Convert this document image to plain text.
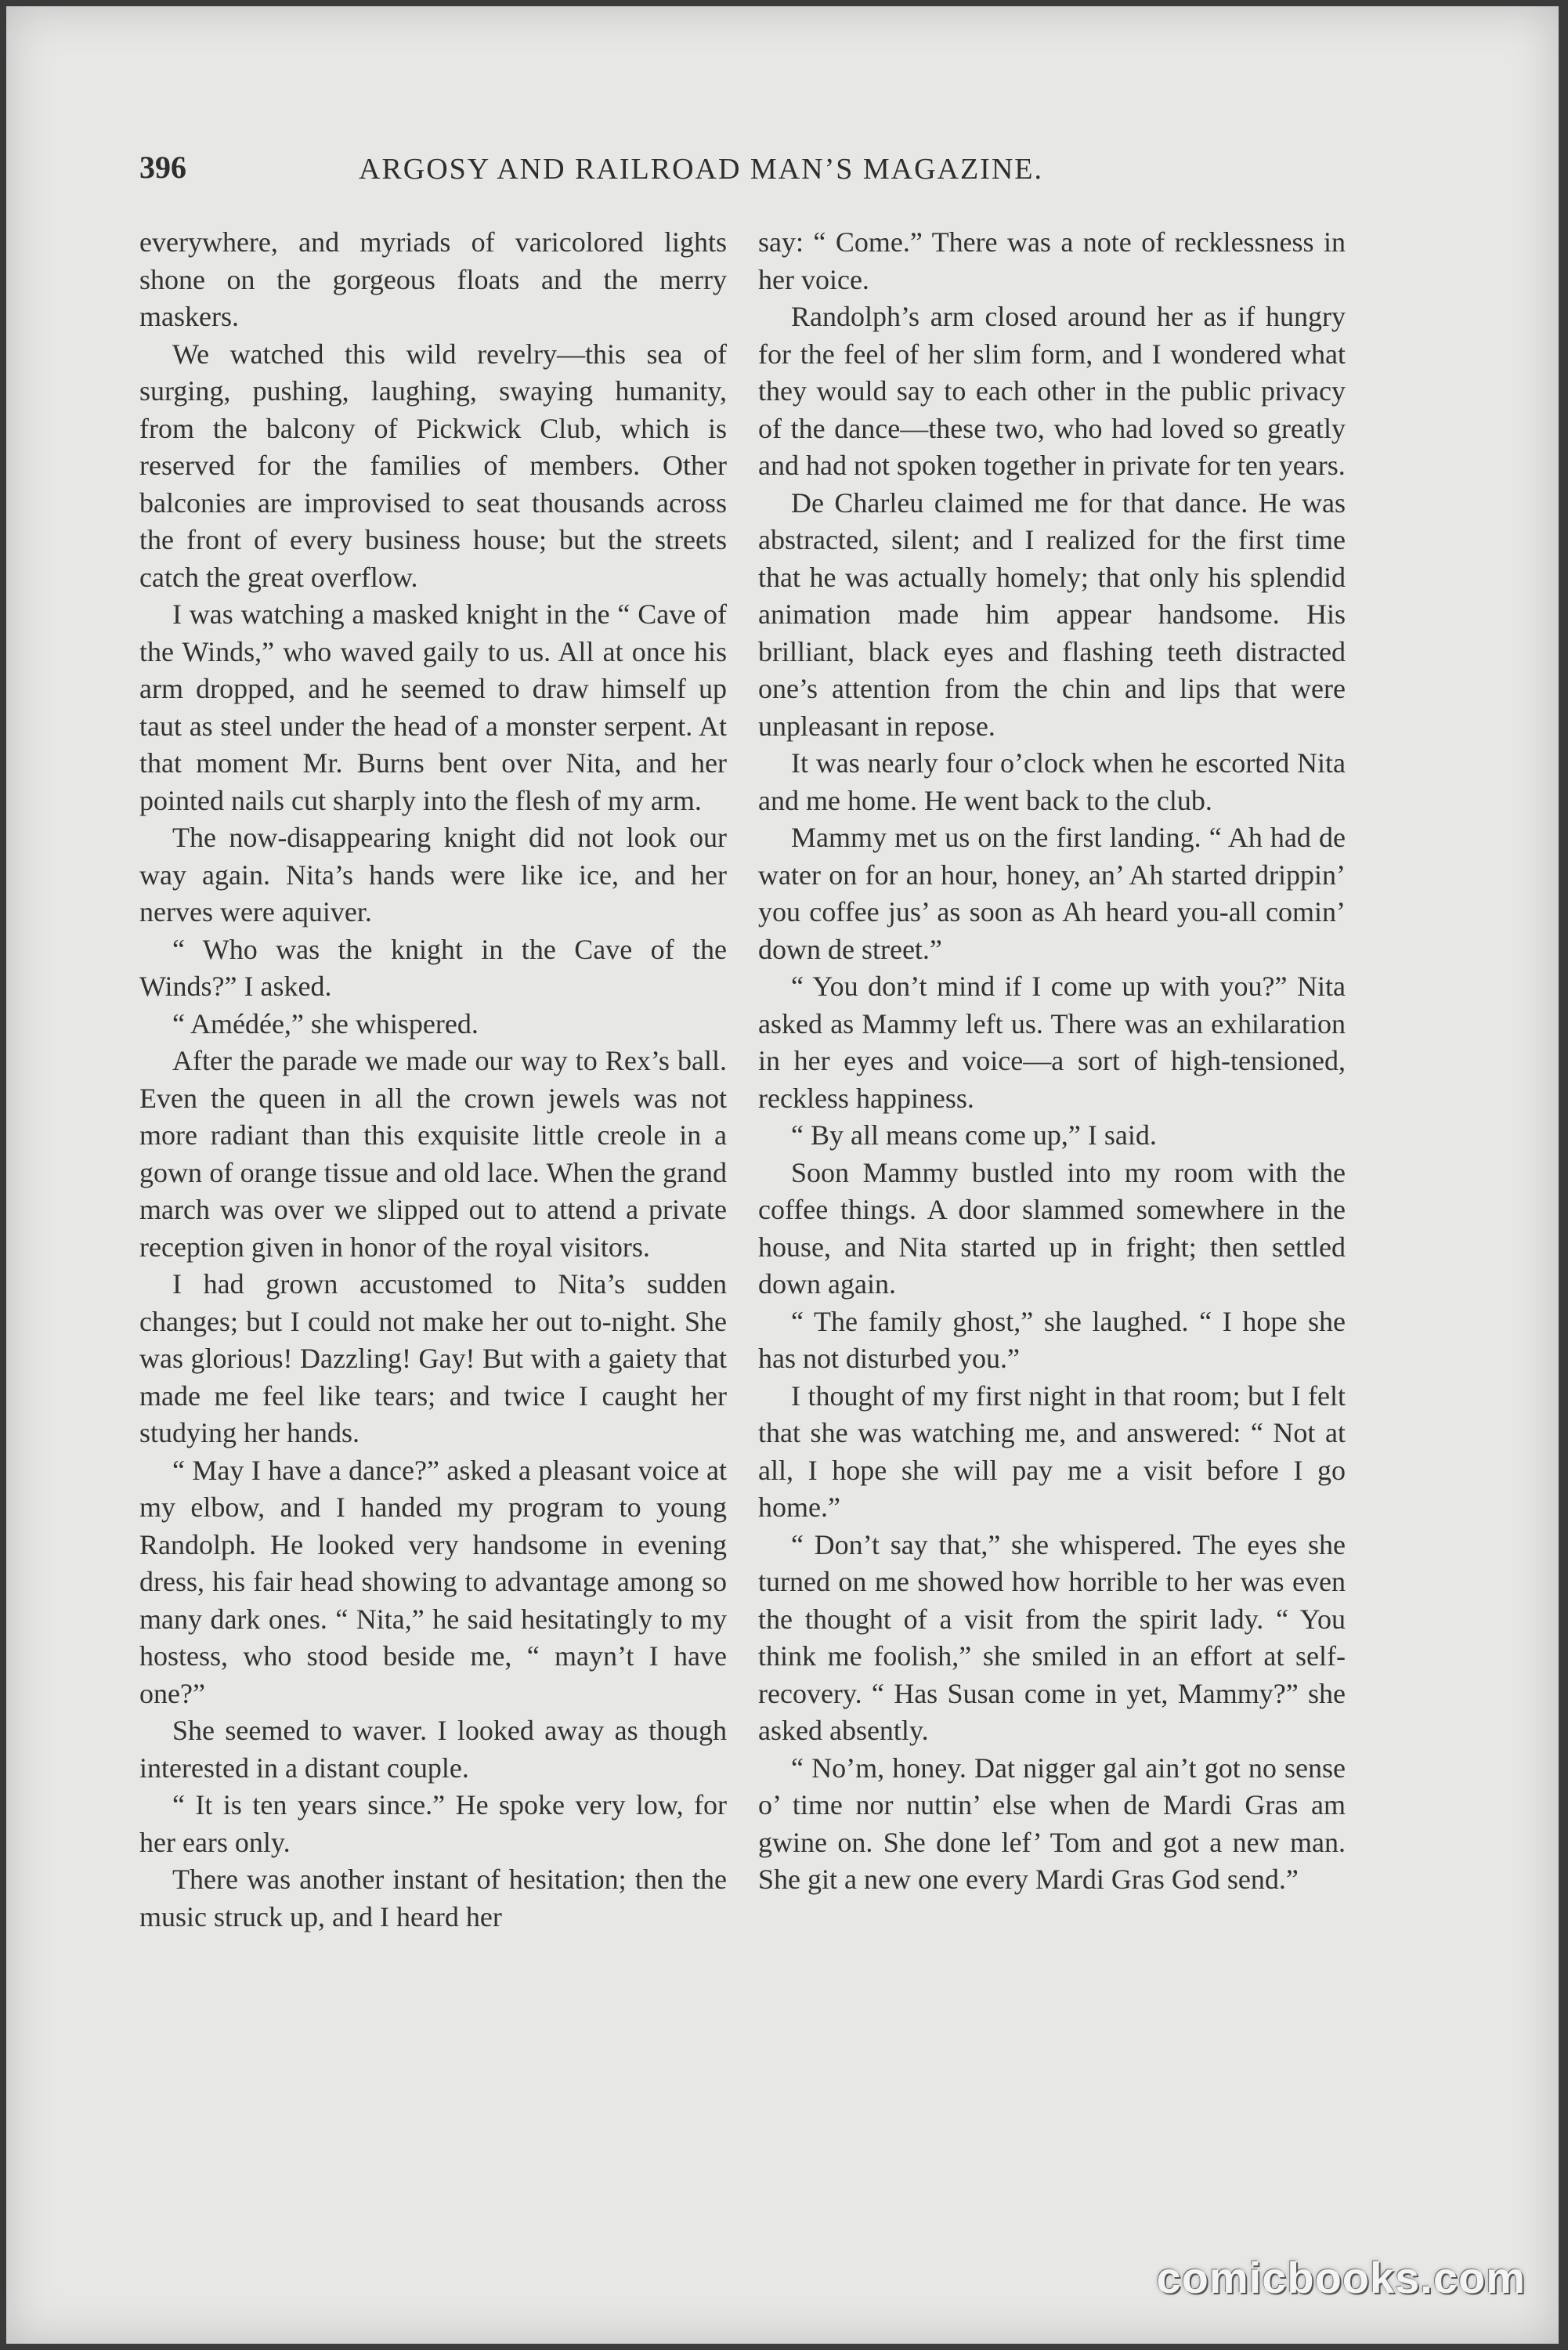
396	ARGOSY AND RAILROAD MAN’S MAGAZINE.

everywhere, and myriads of varicolored lights shone on the gorgeous floats and the merry maskers.

We watched this wild revelry—this sea of surging, pushing, laughing, swaying humanity, from the balcony of Pickwick Club, which is reserved for the families of members. Other balconies are improvised to seat thousands across the front of every business house; but the streets catch the great overflow.

I was watching a masked knight in the “ Cave of the Winds,” who waved gaily to us. All at once his arm dropped, and he seemed to draw himself up taut as steel under the head of a monster serpent. At that moment Mr. Burns bent over Nita, and her pointed nails cut sharply into the flesh of my arm.

The now-disappearing knight did not look our way again. Nita’s hands were like ice, and her nerves were aquiver.

“ Who was the knight in the Cave of the Winds?” I asked.

“ Amédée,” she whispered.

After the parade we made our way to Rex’s ball. Even the queen in all the crown jewels was not more radiant than this exquisite little creole in a gown of orange tissue and old lace. When the grand march was over we slipped out to attend a private reception given in honor of the royal visitors.

I had grown accustomed to Nita’s sudden changes; but I could not make her out to-night. She was glorious! Dazzling! Gay! But with a gaiety that made me feel like tears; and twice I caught her studying her hands.

“ May I have a dance?” asked a pleasant voice at my elbow, and I handed my program to young Randolph. He looked very handsome in evening dress, his fair head showing to advantage among so many dark ones. “ Nita,” he said hesitatingly to my hostess, who stood beside me, “ mayn’t I have one?”

She seemed to waver. I looked away as though interested in a distant couple.

“ It is ten years since.” He spoke very low, for her ears only.

There was another instant of hesitation; then the music struck up, and I heard her

say: “ Come.” There was a note of recklessness in her voice.

Randolph’s arm closed around her as if hungry for the feel of her slim form, and I wondered what they would say to each other in the public privacy of the dance—these two, who had loved so greatly and had not spoken together in private for ten years.

De Charleu claimed me for that dance. He was abstracted, silent; and I realized for the first time that he was actually homely; that only his splendid animation made him appear handsome. His brilliant, black eyes and flashing teeth distracted one’s attention from the chin and lips that were unpleasant in repose.

It was nearly four o’clock when he escorted Nita and me home. He went back to the club.

Mammy met us on the first landing. “ Ah had de water on for an hour, honey, an’ Ah started drippin’ you coffee jus’ as soon as Ah heard you-all comin’ down de street.”

“ You don’t mind if I come up with you?” Nita asked as Mammy left us. There was an exhilaration in her eyes and voice—a sort of high-tensioned, reckless happiness.

“ By all means come up,” I said.

Soon Mammy bustled into my room with the coffee things. A door slammed somewhere in the house, and Nita started up in fright; then settled down again.

“ The family ghost,” she laughed. “ I hope she has not disturbed you.”

I thought of my first night in that room; but I felt that she was watching me, and answered: “ Not at all, I hope she will pay me a visit before I go home.”

“ Don’t say that,” she whispered. The eyes she turned on me showed how horrible to her was even the thought of a visit from the spirit lady. “ You think me foolish,” she smiled in an effort at self-recovery. “ Has Susan come in yet, Mammy?” she asked absently.

“ No’m, honey. Dat nigger gal ain’t got no sense o’ time nor nuttin’ else when de Mardi Gras am gwine on. She done lef’ Tom and got a new man. She git a new one every Mardi Gras God send.”

comicbooks.com
